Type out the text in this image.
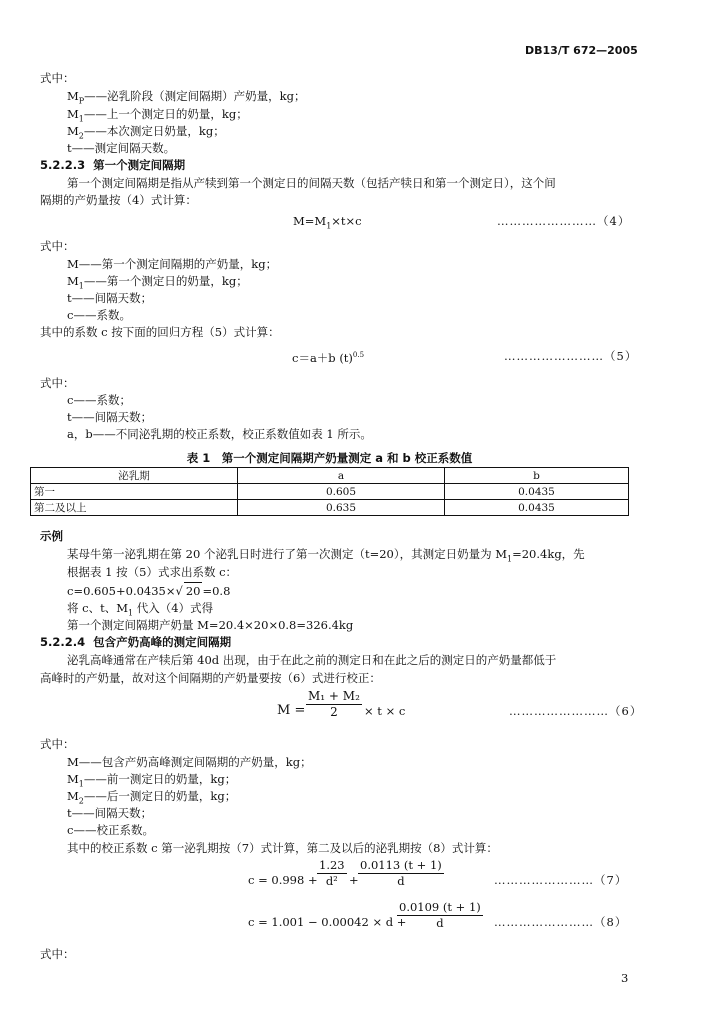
DB13/T 672—2005
式中：
$M_P——$泌乳阶段（测定间隔期）产奶量，kg；
$M_1——$上一个测定日的奶量，kg；
$M_2——$本次测定日奶量，kg；
t——测定间隔天数。
5.2.2.3 第一个测定间隔期
第一个测定间隔期是指从产犊到第一个测定日的间隔天数（包括产犊日和第一个测定日），这个间
隔期的产奶量按（4）式计算：
$M=M_1\times t\times c$	……………………（4）
式中：
M——第一个测定间隔期的产奶量，kg；
$M_1——$第一个测定日的奶量，kg；
t——间隔天数；
c——系数。
其中的系数 c 按下面的回归方程（5）式计算：
c＝a＋b $(t)^{0.5}$	……………………（5）
式中：
c——系数；
t——间隔天数；
a，b——不同泌乳期的校正系数，校正系数值如表 1 所示。
表 1　第一个测定间隔期产奶量测定 a 和 b 校正系数值
泌乳期	a	b
第一	0.605	0.0435
第二及以上	0.635	0.0435
示例
某母牛第一泌乳期在第 20 个泌乳日时进行了第一次测定（t=20），其测定日奶量为 $M_1=20.4kg$，先
根据表 1 按（5）式求出系数 c：
c=0.605+0.0435×√ 20 =0.8
将 c、t、$M_1$ 代入（4）式得
第一个测定间隔期产奶量 M=20.4×20×0.8=326.4kg
5.2.2.4 包含产奶高峰的测定间隔期
泌乳高峰通常在产犊后第 40d 出现，由于在此之前的测定日和在此之后的测定日的产奶量都低于
高峰时的产奶量，故对这个间隔期的产奶量要按（6）式进行校正：
$M = \frac{\text{M₁ + M₂}}{2} \times t \times c$	……………………（6）
式中：
M——包含产奶高峰测定间隔期的产奶量，kg；
$M_1——$前一测定日的奶量，kg；
$M_2——$后一测定日的奶量，kg；
t——间隔天数；
c——校正系数。
其中的校正系数 c 第一泌乳期按（7）式计算，第二及以后的泌乳期按（8）式计算：
$c = 0.998 + \frac{1.23}{\text{d²}} + \frac{0.0113 (t + 1)}{d}$	……………………（7）
c = 1.001 − 0.00042 × d +
$\frac{0.0109 (t + 1)}{d}$ ……………………（8）
式中：
3
